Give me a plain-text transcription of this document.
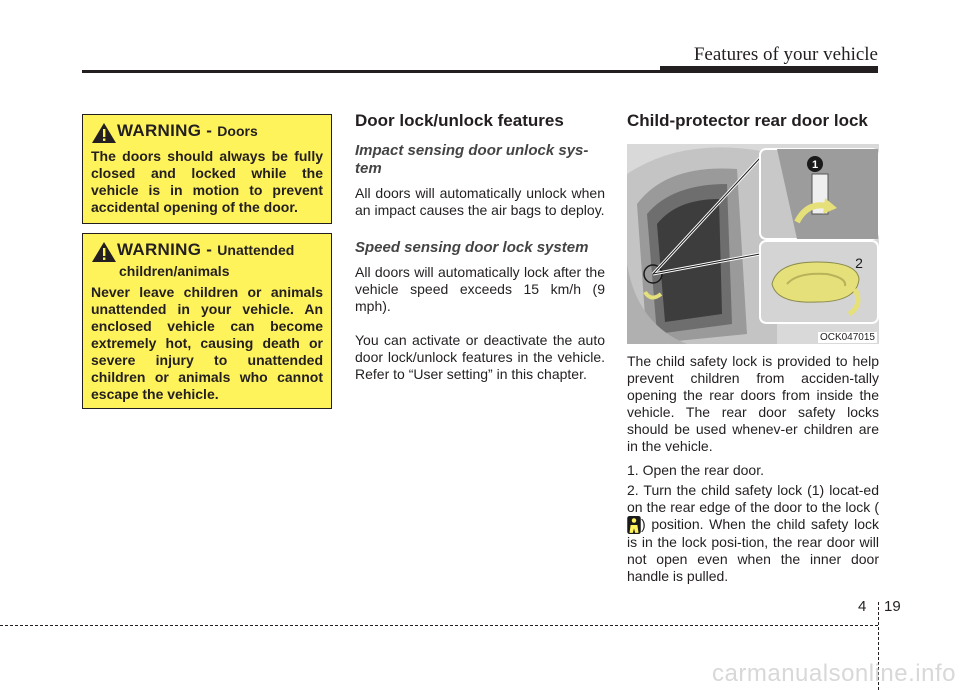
Features of your vehicle
WARNING - Doors
The doors should always be fully closed and locked while the vehicle is in motion to prevent accidental opening of the door.
WARNING - Unattended
children/animals
Never leave children or animals unattended in your vehicle. An enclosed vehicle can become extremely hot, causing death or severe injury to unattended children or animals who cannot escape the vehicle.
Door lock/unlock features
Impact sensing door unlock sys-tem

All doors will automatically unlock when an impact causes the air bags to deploy.

Speed sensing door lock system

All doors will automatically lock after the vehicle speed exceeds 15 km/h (9 mph).

You can activate or deactivate the auto door lock/unlock features in the vehicle. Refer to “User setting” in this chapter.

Child-protector rear door lock
1
2
OCK047015

The child safety lock is provided to help prevent children from acciden-tally opening the rear doors from inside the vehicle. The rear door safety locks should be used whenev-er children are in the vehicle.

1. Open the rear door.
2. Turn the child safety lock (1) locat-ed on the rear edge of the door to the lock () position. When the child safety lock is in the lock posi-tion, the rear door will not open even when the inner door handle is pulled.
4 19
carmanualsonline.info
